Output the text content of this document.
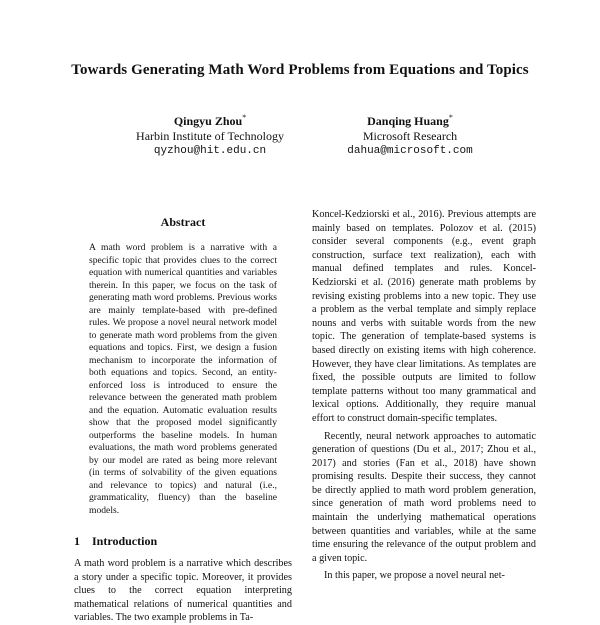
Towards Generating Math Word Problems from Equations and Topics
Qingyu Zhou*
Harbin Institute of Technology
qyzhou@hit.edu.cn
Danqing Huang*
Microsoft Research
dahua@microsoft.com
Abstract

A math word problem is a narrative with a specific topic that provides clues to the correct equation with numerical quantities and variables therein. In this paper, we focus on the task of generating math word problems. Previous works are mainly template-based with pre-defined rules. We propose a novel neural network model to generate math word problems from the given equations and topics. First, we design a fusion mechanism to incorporate the information of both equations and topics. Second, an entity-enforced loss is introduced to ensure the relevance between the generated math problem and the equation. Automatic evaluation results show that the proposed model significantly outperforms the baseline models. In human evaluations, the math word problems generated by our model are rated as being more relevant (in terms of solvability of the given equations and relevance to topics) and natural (i.e., grammaticality, fluency) than the baseline models.

1 Introduction

A math word problem is a narrative which describes a story under a specific topic. Moreover, it provides clues to the correct equation interpreting mathematical relations of numerical quantities and variables. The two example problems in Ta-

Koncel-Kedziorski et al., 2016). Previous attempts are mainly based on templates. Polozov et al. (2015) consider several components (e.g., event graph construction, surface text realization), each with manual defined templates and rules. Koncel-Kedziorski et al. (2016) generate math problems by revising existing problems into a new topic. They use a problem as the verbal template and simply replace nouns and verbs with suitable words from the new topic. The generation of template-based systems is based directly on existing items with high coherence. However, they have clear limitations. As templates are fixed, the possible outputs are limited to follow template patterns without too many grammatical and lexical options. Additionally, they require manual effort to construct domain-specific templates.

Recently, neural network approaches to automatic generation of questions (Du et al., 2017; Zhou et al., 2017) and stories (Fan et al., 2018) have shown promising results. Despite their success, they cannot be directly applied to math word problem generation, since generation of math word problems need to maintain the underlying mathematical operations between quantities and variables, while at the same time ensuring the relevance of the output problem and a given topic.

In this paper, we propose a novel neural net-
